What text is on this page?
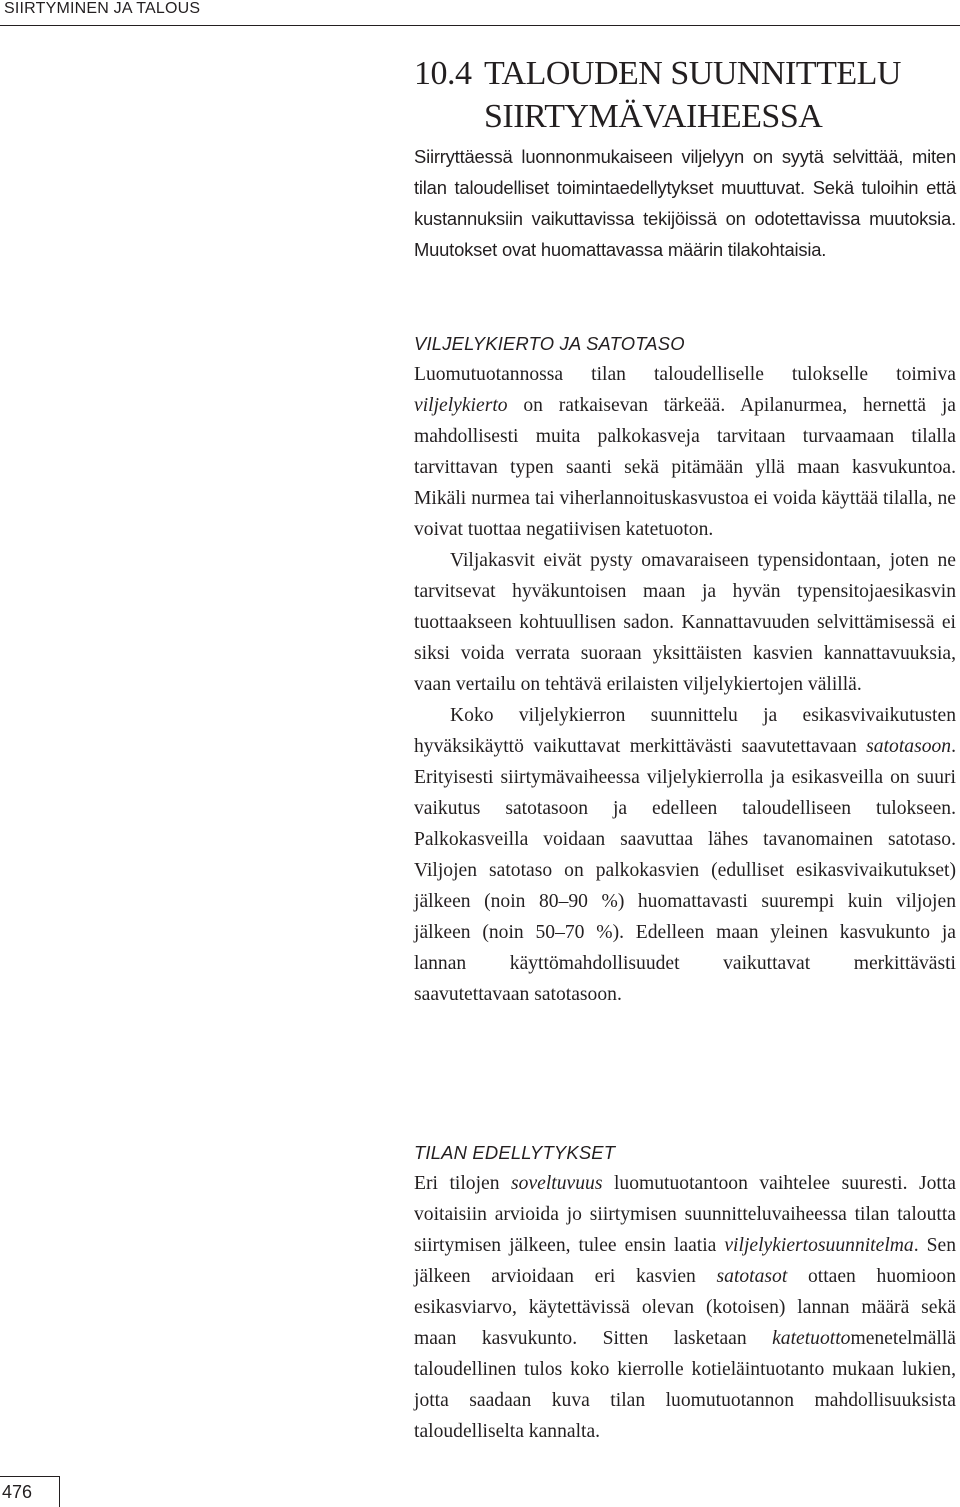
SIIRTYMINEN JA TALOUS
10.4 TALOUDEN SUUNNITTELU
SIIRTYMÄVAIHEESSA

Siirryttäessä luonnonmukaiseen viljelyyn on syytä selvittää, miten tilan taloudelliset toimintaedellytykset muuttuvat. Sekä tuloihin että kustannuksiin vaikuttavissa tekijöissä on odotettavissa muutoksia. Muutokset ovat huomattavassa määrin tilakohtaisia.

VILJELYKIERTO JA SATOTASO

Luomutuotannossa tilan taloudelliselle tulokselle toimiva viljelykierto on ratkaisevan tärkeää. Apilanurmea, hernettä ja mahdollisesti muita palkokasveja tarvitaan turvaamaan tilalla tarvittavan typen saanti sekä pitämään yllä maan kasvukuntoa. Mikäli nurmea tai viherlannoituskasvustoa ei voida käyttää tilalla, ne voivat tuottaa negatiivisen katetuoton.

Viljakasvit eivät pysty omavaraiseen typensidontaan, joten ne tarvitsevat hyväkuntoisen maan ja hyvän typensitojaesikasvin tuottaakseen kohtuullisen sadon. Kannattavuuden selvittämisessä ei siksi voida verrata suoraan yksittäisten kasvien kannattavuuksia, vaan vertailu on tehtävä erilaisten viljelykiertojen välillä.

Koko viljelykierron suunnittelu ja esikasvivaikutusten hyväksikäyttö vaikuttavat merkittävästi saavutettavaan satotasoon. Erityisesti siirtymävaiheessa viljelykierrolla ja esikasveilla on suuri vaikutus satotasoon ja edelleen taloudelliseen tulokseen. Palkokasveilla voidaan saavuttaa lähes tavanomainen satotaso. Viljojen satotaso on palkokasvien (edulliset esikasvivaikutukset) jälkeen (noin 80–90 %) huomattavasti suurempi kuin viljojen jälkeen (noin 50–70 %). Edelleen maan yleinen kasvukunto ja lannan käyttömahdollisuudet vaikuttavat merkittävästi saavutettavaan satotasoon.

TILAN EDELLYTYKSET

Eri tilojen soveltuvuus luomutuotantoon vaihtelee suuresti. Jotta voitaisiin arvioida jo siirtymisen suunnitteluvaiheessa tilan taloutta siirtymisen jälkeen, tulee ensin laatia viljelykiertosuunnitelma. Sen jälkeen arvioidaan eri kasvien satotasot ottaen huomioon esikasviarvo, käytettävissä olevan (kotoisen) lannan määrä sekä maan kasvukunto. Sitten lasketaan katetuottomenetelmällä taloudellinen tulos koko kierrolle kotieläintuotanto mukaan lukien, jotta saadaan kuva tilan luomutuotannon mahdollisuuksista taloudelliselta kannalta.

476
